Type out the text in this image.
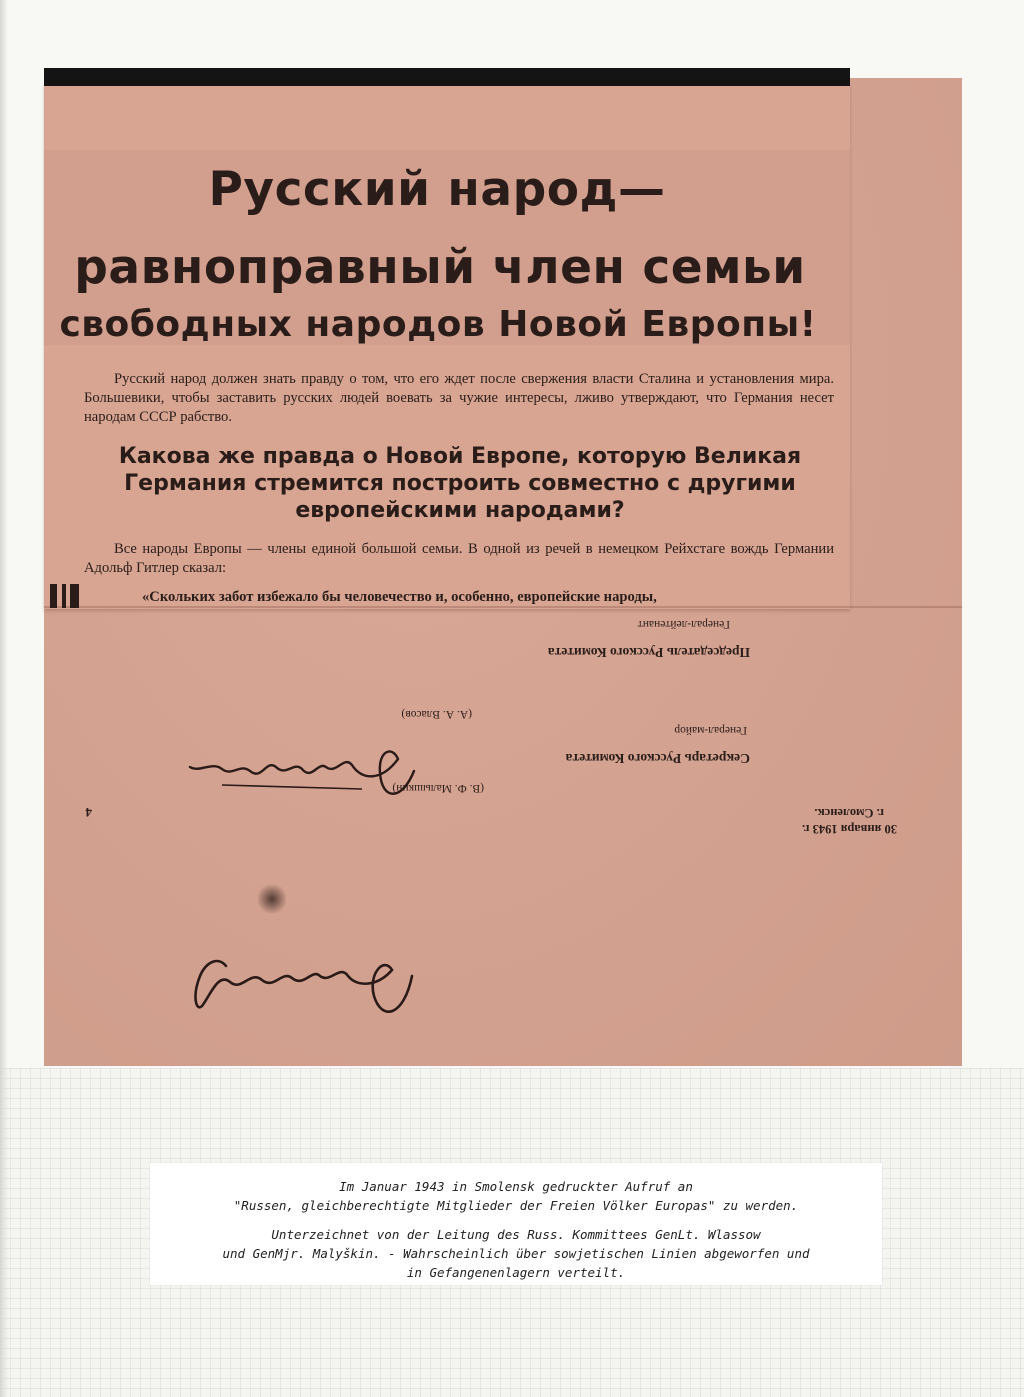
Русский народ—
равноправный член семьи
свободных народов Новой Европы!
Русский народ должен знать правду о том, что его ждет после свержения власти Сталина и установления мира. Большевики, чтобы заставить русских людей воевать за чужие интересы, лживо утверждают, что Германия несет народам СССР рабство.
Какова же правда о Новой Европе, которую Великая Германия стремится построить совместно с другими европейскими народами?
Все народы Европы — члены единой большой семьи. В одной из речей в немецком Рейхстаге вождь Германии Адольф Гитлер сказал:
«Скольких забот избежало бы человечество и, особенно, европейские народы,
30 января 1943 г.
г. Смоленск.
Секретарь Русского Комитета
Генерал-майор
(В. Ф. Малышкин)
Председатель Русского Комитета
Генерал-лейтенант
(А. А. Власов)
4
Im Januar 1943 in Smolensk gedruckter Aufruf an
"Russen, gleichberechtigte Mitglieder der Freien Völker Europas" zu werden.
Unterzeichnet von der Leitung des Russ. Kommittees GenLt. Wlassow
und GenMjr. Malyškin. - Wahrscheinlich über sowjetischen Linien abgeworfen und
in Gefangenenlagern verteilt.
